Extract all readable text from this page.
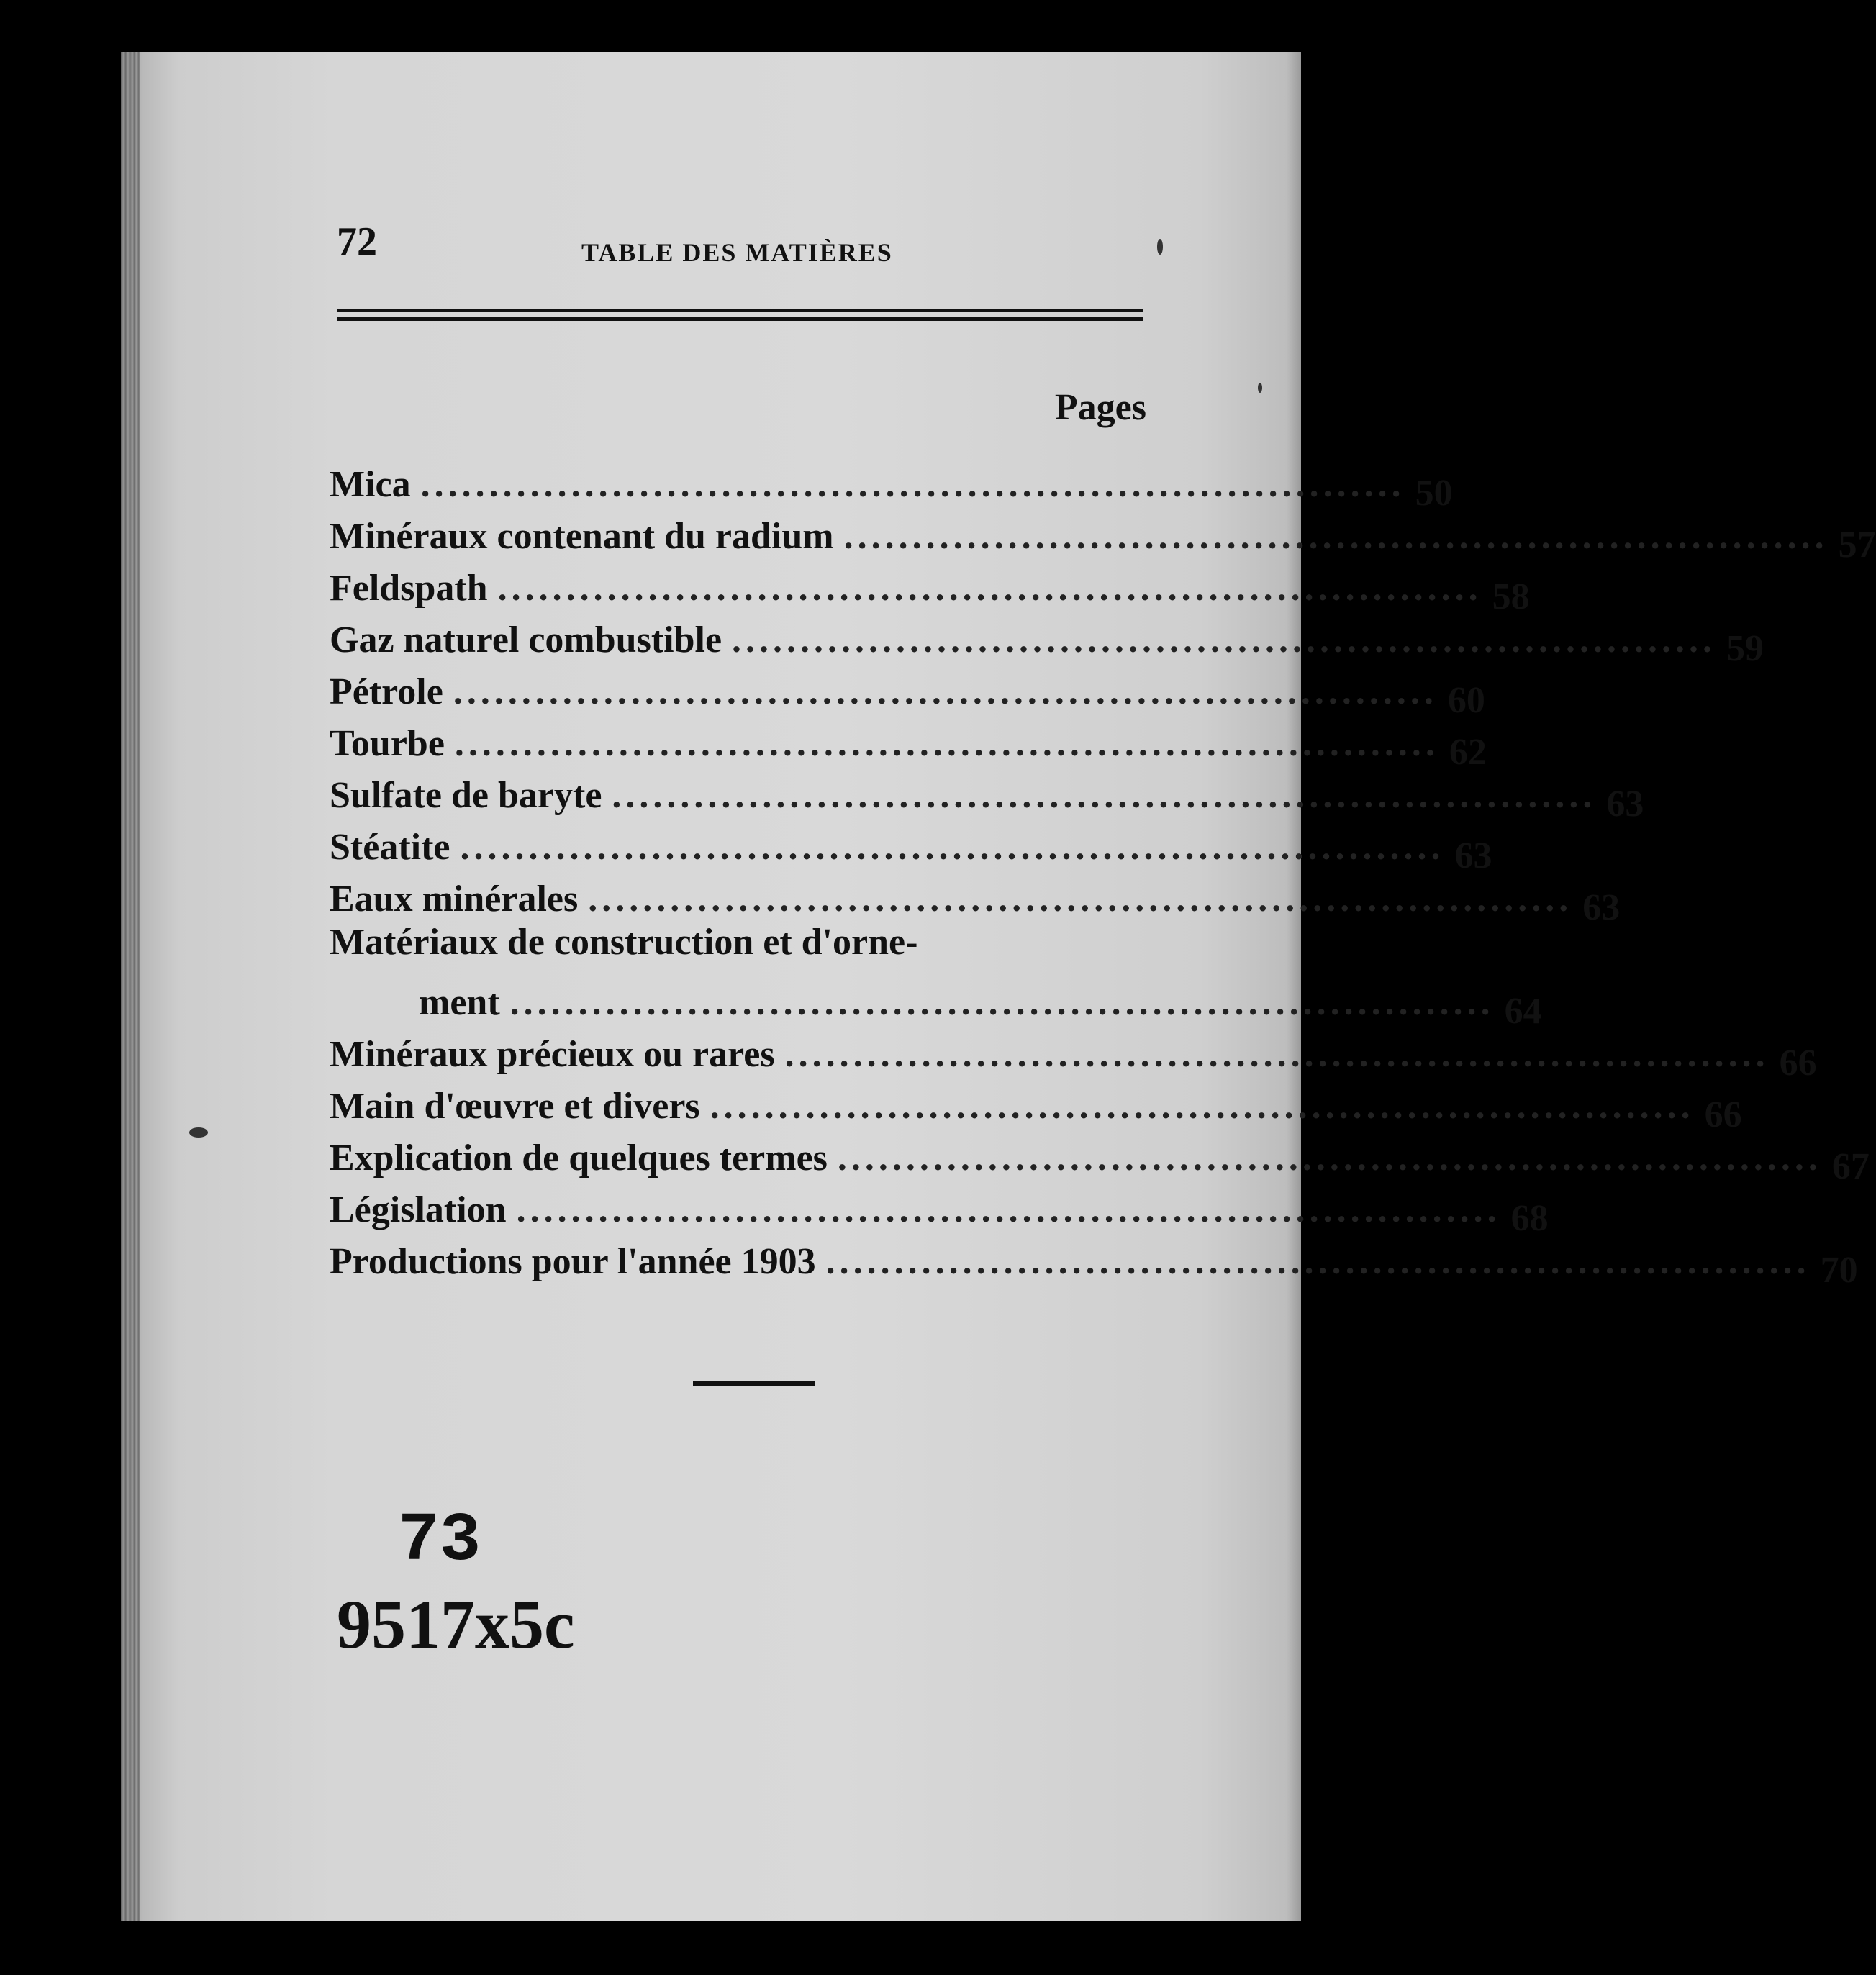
72	TABLE DES MATIÈRES
Pages
Mica ........................................................................ 50
Minéraux contenant du radium ........................................................................ 57
Feldspath ........................................................................ 58
Gaz naturel combustible ........................................................................ 59
Pétrole ........................................................................ 60
Tourbe ........................................................................ 62
Sulfate de baryte ........................................................................ 63
Stéatite ........................................................................ 63
Eaux minérales ........................................................................ 63
Matériaux de construction et d'orne-
ment ........................................................................ 64
Minéraux précieux ou rares ........................................................................ 66
Main d'œuvre et divers ........................................................................ 66
Explication de quelques termes ........................................................................ 67
Législation ........................................................................ 68
Productions pour l'année 1903 ........................................................................ 70
73
9517x5c
